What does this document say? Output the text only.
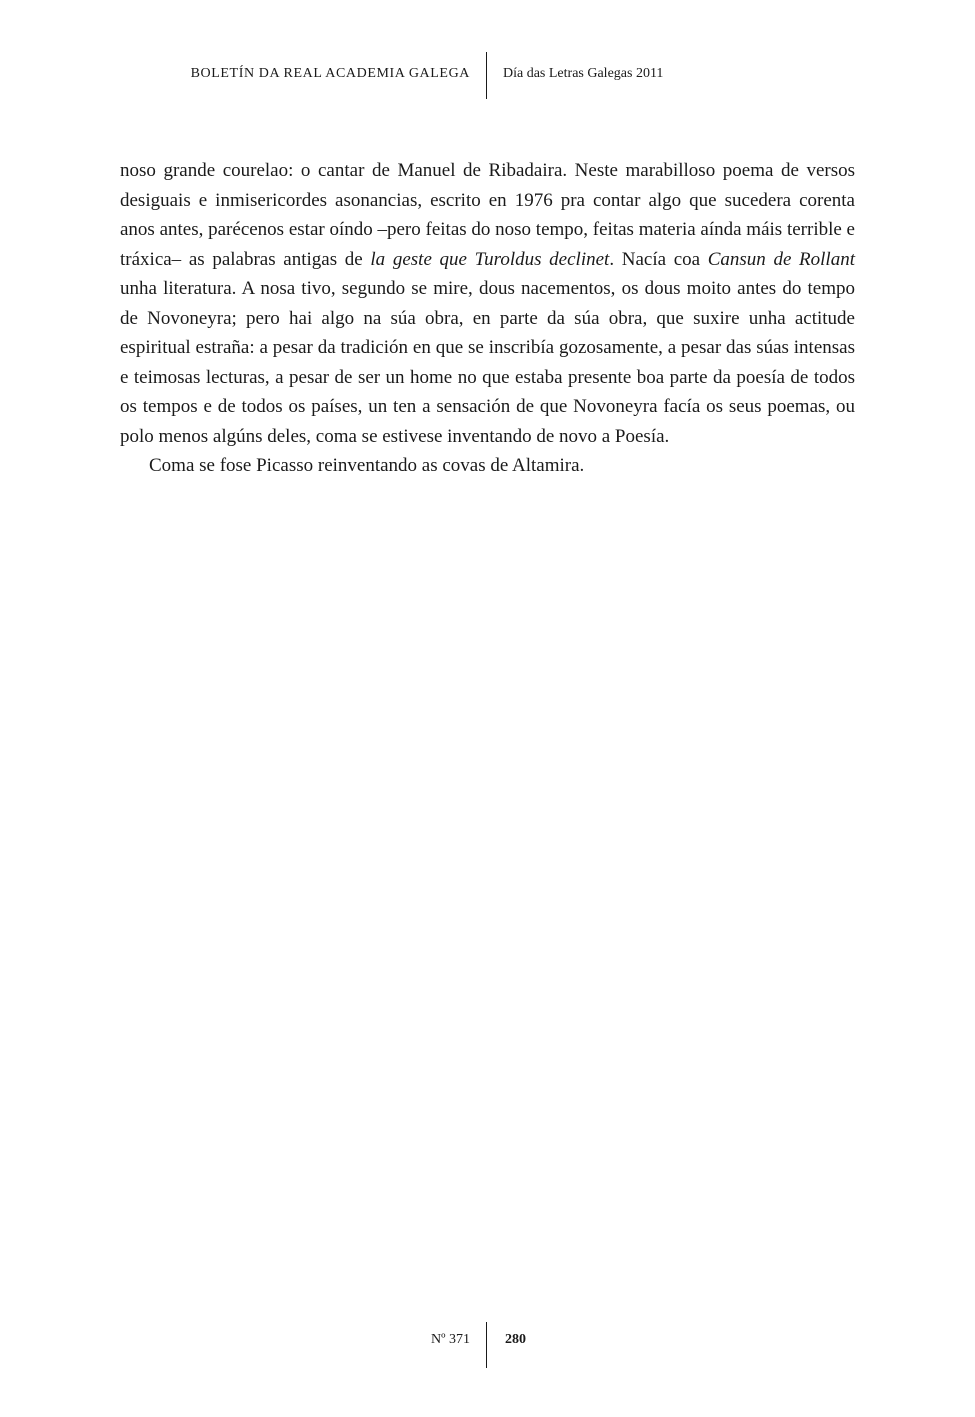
BOLETÍN DA REAL ACADEMIA GALEGA Día das Letras Galegas 2011

noso grande courelao: o cantar de Manuel de Ribadaira. Neste marabilloso poema de versos desiguais e inmisericordes asonancias, escrito en 1976 pra contar algo que sucedera corenta anos antes, parécenos estar oíndo –pero feitas do noso tempo, feitas materia aínda máis terrible e tráxica– as palabras antigas de la geste que Turoldus declinet. Nacía coa Cansun de Rollant unha literatura. A nosa tivo, segundo se mire, dous nacementos, os dous moito antes do tempo de Novoneyra; pero hai algo na súa obra, en parte da súa obra, que suxire unha actitude espiritual estraña: a pesar da tradición en que se inscribía gozosamente, a pesar das súas intensas e teimosas lecturas, a pesar de ser un home no que estaba presente boa parte da poesía de todos os tempos e de todos os países, un ten a sensación de que Novoneyra facía os seus poemas, ou polo menos algúns deles, coma se estivese inventando de novo a Poesía.

Coma se fose Picasso reinventando as covas de Altamira.

Nº 371	280
